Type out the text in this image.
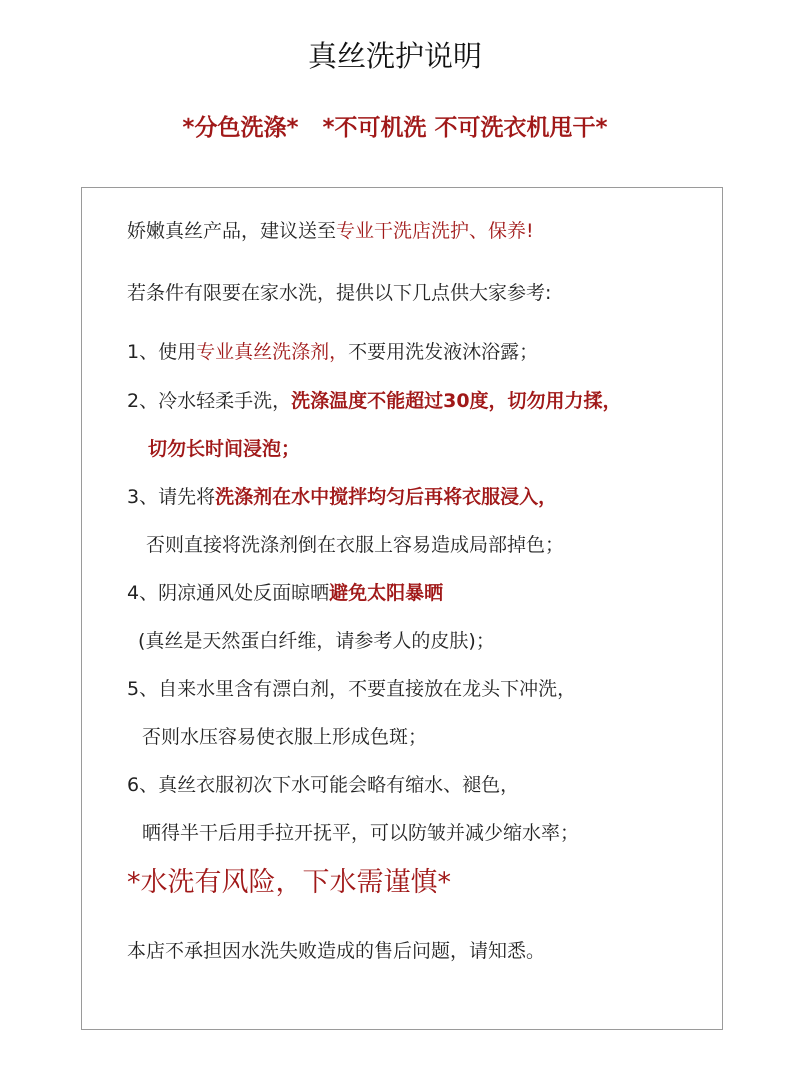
真丝洗护说明
*分色洗涤*   *不可机洗 不可洗衣机甩干*
娇嫩真丝产品，建议送至专业干洗店洗护、保养!
若条件有限要在家水洗，提供以下几点供大家参考:
1、使用专业真丝洗涤剂，不要用洗发液沐浴露；
2、冷水轻柔手洗，洗涤温度不能超过30度，切勿用力揉，
切勿长时间浸泡；
3、请先将洗涤剂在水中搅拌均匀后再将衣服浸入，
否则直接将洗涤剂倒在衣服上容易造成局部掉色；
4、阴凉通风处反面晾晒避免太阳暴晒
(真丝是天然蛋白纤维，请参考人的皮肤)；
5、自来水里含有漂白剂，不要直接放在龙头下冲洗，
否则水压容易使衣服上形成色斑；
6、真丝衣服初次下水可能会略有缩水、褪色，
晒得半干后用手拉开抚平，可以防皱并减少缩水率；
*水洗有风险，下水需谨慎*
本店不承担因水洗失败造成的售后问题，请知悉。
